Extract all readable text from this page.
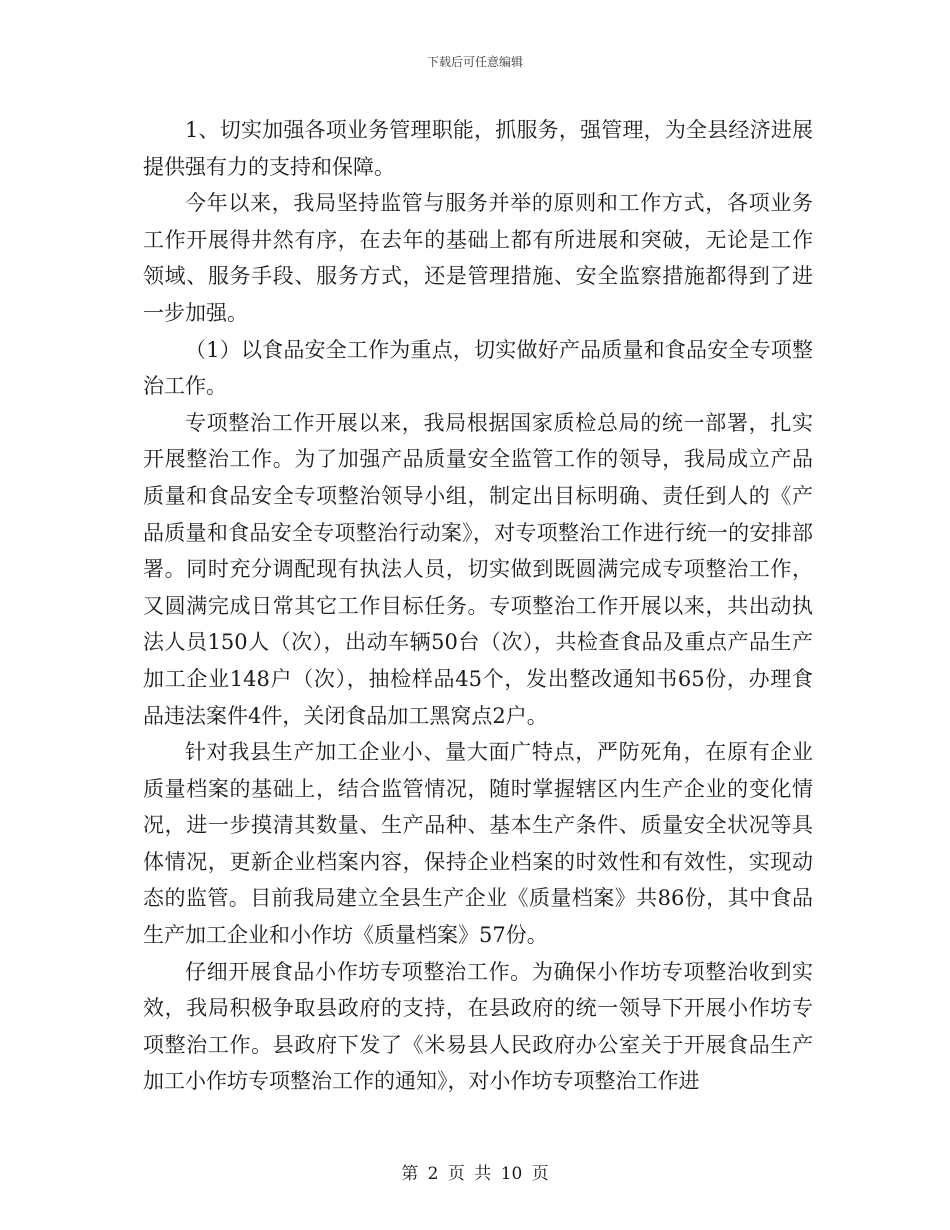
下载后可任意编辑

1、切实加强各项业务管理职能，抓服务，强管理，为全县经济进展提供强有力的支持和保障。

今年以来，我局坚持监管与服务并举的原则和工作方式，各项业务工作开展得井然有序，在去年的基础上都有所进展和突破，无论是工作领域、服务手段、服务方式，还是管理措施、安全监察措施都得到了进一步加强。

（1）以食品安全工作为重点，切实做好产品质量和食品安全专项整治工作。

专项整治工作开展以来，我局根据国家质检总局的统一部署，扎实开展整治工作。为了加强产品质量安全监管工作的领导，我局成立产品质量和食品安全专项整治领导小组，制定出目标明确、责任到人的《产品质量和食品安全专项整治行动案》，对专项整治工作进行统一的安排部署。同时充分调配现有执法人员，切实做到既圆满完成专项整治工作，又圆满完成日常其它工作目标任务。专项整治工作开展以来，共出动执法人员150人（次），出动车辆50台（次），共检查食品及重点产品生产加工企业148户（次），抽检样品45个，发出整改通知书65份，办理食品违法案件4件，关闭食品加工黑窝点2户。

针对我县生产加工企业小、量大面广特点，严防死角，在原有企业质量档案的基础上，结合监管情况，随时掌握辖区内生产企业的变化情况，进一步摸清其数量、生产品种、基本生产条件、质量安全状况等具体情况，更新企业档案内容，保持企业档案的时效性和有效性，实现动态的监管。目前我局建立全县生产企业《质量档案》共86份，其中食品生产加工企业和小作坊《质量档案》57份。

仔细开展食品小作坊专项整治工作。为确保小作坊专项整治收到实效，我局积极争取县政府的支持，在县政府的统一领导下开展小作坊专项整治工作。县政府下发了《米易县人民政府办公室关于开展食品生产加工小作坊专项整治工作的通知》，对小作坊专项整治工作进

第 2 页 共 10 页
